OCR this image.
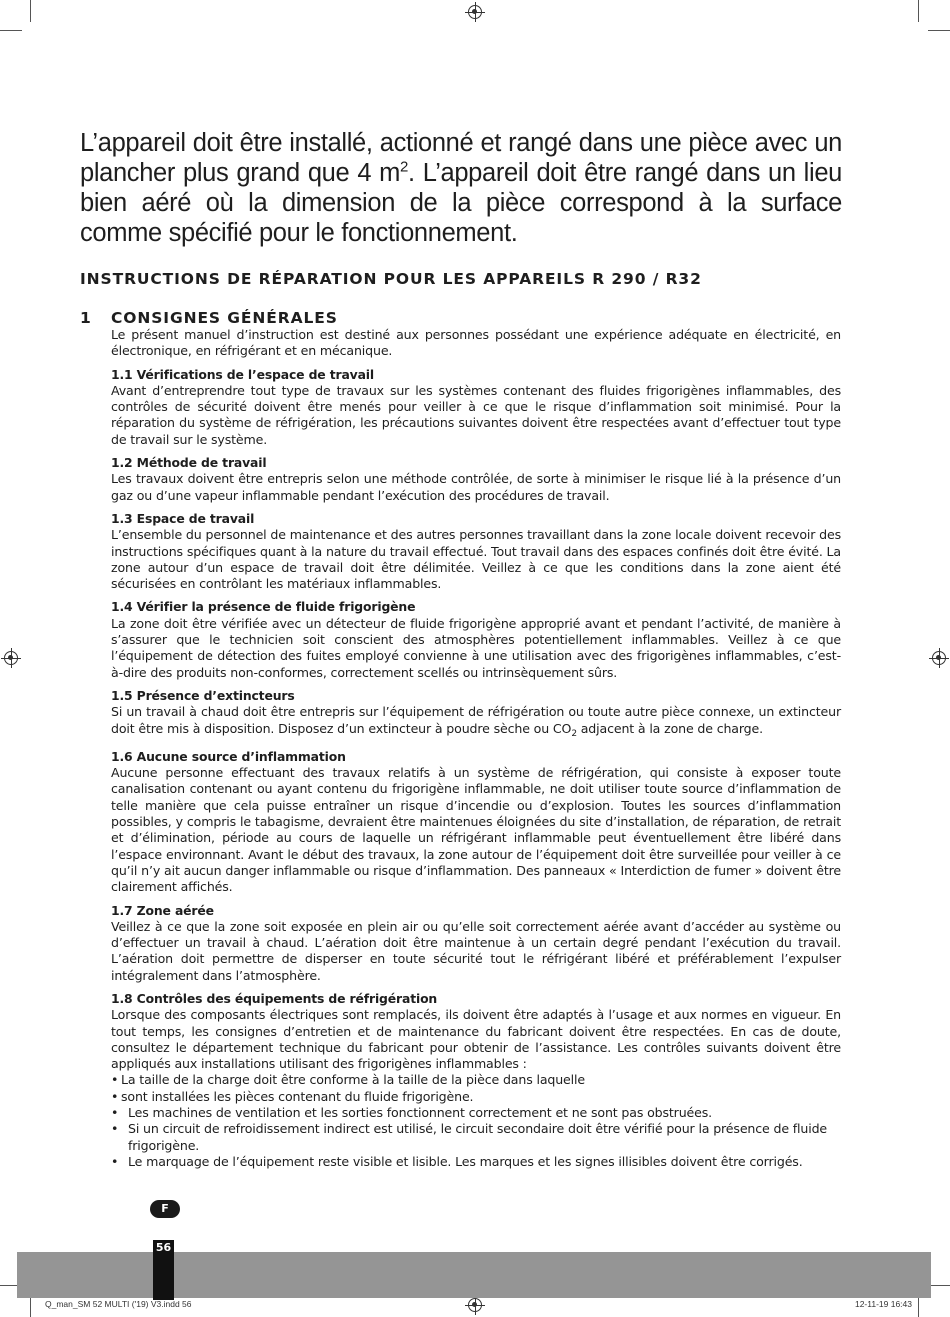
L’appareil doit être installé, actionné et rangé dans une pièce avec un plancher plus grand que 4 $m^2$. L’appareil doit être rangé dans un lieu bien aéré où la dimension de la pièce correspond à la surface comme spécifié pour le fonctionnement.

INSTRUCTIONS DE RÉPARATION POUR LES APPAREILS R 290 / R32
1 CONSIGNES GÉNÉRALES

Le présent manuel d’instruction est destiné aux personnes possédant une expérience adéquate en électricité, en électronique, en réfrigérant et en mécanique.

1.1 Vérifications de l’espace de travail

Avant d’entreprendre tout type de travaux sur les systèmes contenant des fluides frigorigènes inflammables, des contrôles de sécurité doivent être menés pour veiller à ce que le risque d’inflammation soit minimisé. Pour la réparation du système de réfrigération, les précautions suivantes doivent être respectées avant d’effectuer tout type de travail sur le système.

1.2 Méthode de travail

Les travaux doivent être entrepris selon une méthode contrôlée, de sorte à minimiser le risque lié à la présence d’un gaz ou d’une vapeur inflammable pendant l’exécution des procédures de travail.

1.3 Espace de travail

L’ensemble du personnel de maintenance et des autres personnes travaillant dans la zone locale doivent recevoir des instructions spécifiques quant à la nature du travail effectué. Tout travail dans des espaces confinés doit être évité. La zone autour d’un espace de travail doit être délimitée. Veillez à ce que les conditions dans la zone aient été sécurisées en contrôlant les matériaux inflammables.

1.4 Vérifier la présence de fluide frigorigène

La zone doit être vérifiée avec un détecteur de fluide frigorigène approprié avant et pendant l’activité, de manière à s’assurer que le technicien soit conscient des atmosphères potentiellement inflammables. Veillez à ce que l’équipement de détection des fuites employé convienne à une utilisation avec des frigorigènes inflammables, c’est-à-dire des produits non-conformes, correctement scellés ou intrinsèquement sûrs.

1.5 Présence d’extincteurs

Si un travail à chaud doit être entrepris sur l’équipement de réfrigération ou toute autre pièce connexe, un extincteur doit être mis à disposition. Disposez d’un extincteur à poudre sèche ou $CO_2$ adjacent à la zone de charge.

1.6 Aucune source d’inflammation

Aucune personne effectuant des travaux relatifs à un système de réfrigération, qui consiste à exposer toute canalisation contenant ou ayant contenu du frigorigène inflammable, ne doit utiliser toute source d’inflammation de telle manière que cela puisse entraîner un risque d’incendie ou d’explosion. Toutes les sources d’inflammation possibles, y compris le tabagisme, devraient être maintenues éloignées du site d’installation, de réparation, de retrait et d’élimination, période au cours de laquelle un réfrigérant inflammable peut éventuellement être libéré dans l’espace environnant. Avant le début des travaux, la zone autour de l’équipement doit être surveillée pour veiller à ce qu’il n’y ait aucun danger inflammable ou risque d’inflammation. Des panneaux « Interdiction de fumer » doivent être clairement affichés.

1.7 Zone aérée

Veillez à ce que la zone soit exposée en plein air ou qu’elle soit correctement aérée avant d’accéder au système ou d’effectuer un travail à chaud. L’aération doit être maintenue à un certain degré pendant l’exécution du travail. L’aération doit permettre de disperser en toute sécurité tout le réfrigérant libéré et préférablement l’expulser intégralement dans l’atmosphère.

1.8 Contrôles des équipements de réfrigération

Lorsque des composants électriques sont remplacés, ils doivent être adaptés à l’usage et aux normes en vigueur. En tout temps, les consignes d’entretien et de maintenance du fabricant doivent être respectées. En cas de doute, consultez le département technique du fabricant pour obtenir de l’assistance. Les contrôles suivants doivent être appliqués aux installations utilisant des frigorigènes inflammables :

• La taille de la charge doit être conforme à la taille de la pièce dans laquelle
• sont installées les pièces contenant du fluide frigorigène.
• Les machines de ventilation et les sorties fonctionnent correctement et ne sont pas obstruées.
• Si un circuit de refroidissement indirect est utilisé, le circuit secondaire doit être vérifié pour la présence de fluide frigorigène.
• Le marquage de l’équipement reste visible et lisible. Les marques et les signes illisibles doivent être corrigés.
F
56
Q_man_SM 52 MULTI ('19) V3.indd 56	12-11-19 16:43
